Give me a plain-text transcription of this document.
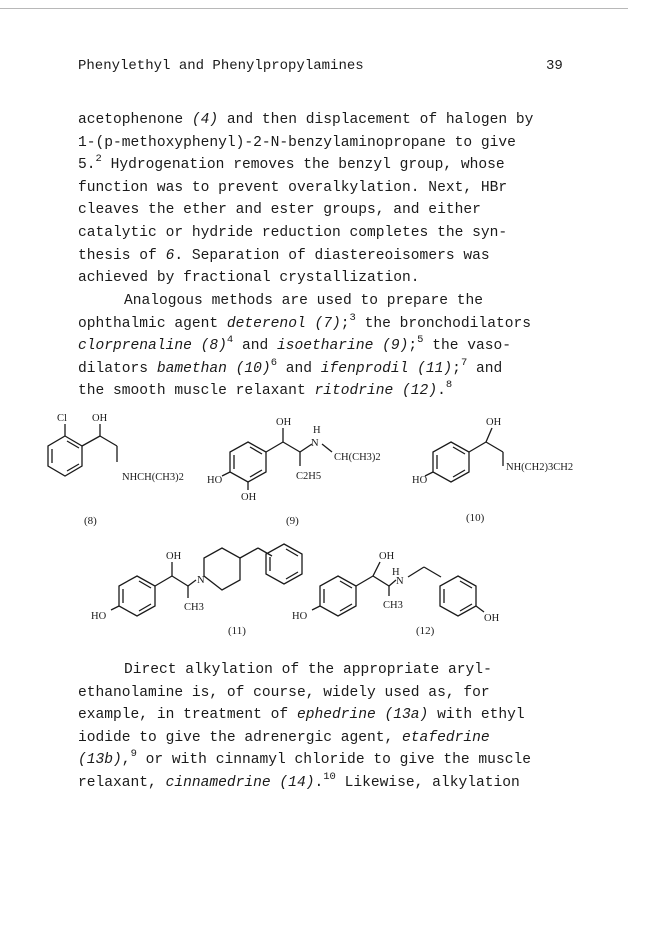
Phenylethyl and Phenylpropylamines	39
acetophenone (4) and then displacement of halogen by
1-(p-methoxyphenyl)-2-N-benzylaminopropane to give
5.$^2$ Hydrogenation removes the benzyl group, whose
function was to prevent overalkylation. Next, HBr
cleaves the ether and ester groups, and either
catalytic or hydride reduction completes the syn-
thesis of 6. Separation of diastereoisomers was
achieved by fractional crystallization.
Analogous methods are used to prepare the
ophthalmic agent deterenol (7);$^3$ the bronchodilators
clorprenaline $(8)^4$ and isoetharine (9);$^5$ the vaso-
dilators bamethan $(10)^6$ and ifenprodil (11);$^7$ and
the smooth muscle relaxant ritodrine (12).$^8$
Direct alkylation of the appropriate aryl-
ethanolamine is, of course, widely used as, for
example, in treatment of ephedrine (13a) with ethyl
iodide to give the adrenergic agent, etafedrine
(13b),$^9$ or with cinnamyl chloride to give the muscle
relaxant, cinnamedrine (14).$^{10}$ Likewise, alkylation
Cl OH
NHCH(CH3)2
(8)
OH
H
N
CH(CH3)2
C2H5
HO
OH
(9)
OH
NH(CH2)3CH2
HO
(10)
OH
N
CH3
HO
(11)
OH
H
N
CH3
HO	OH
(12)
